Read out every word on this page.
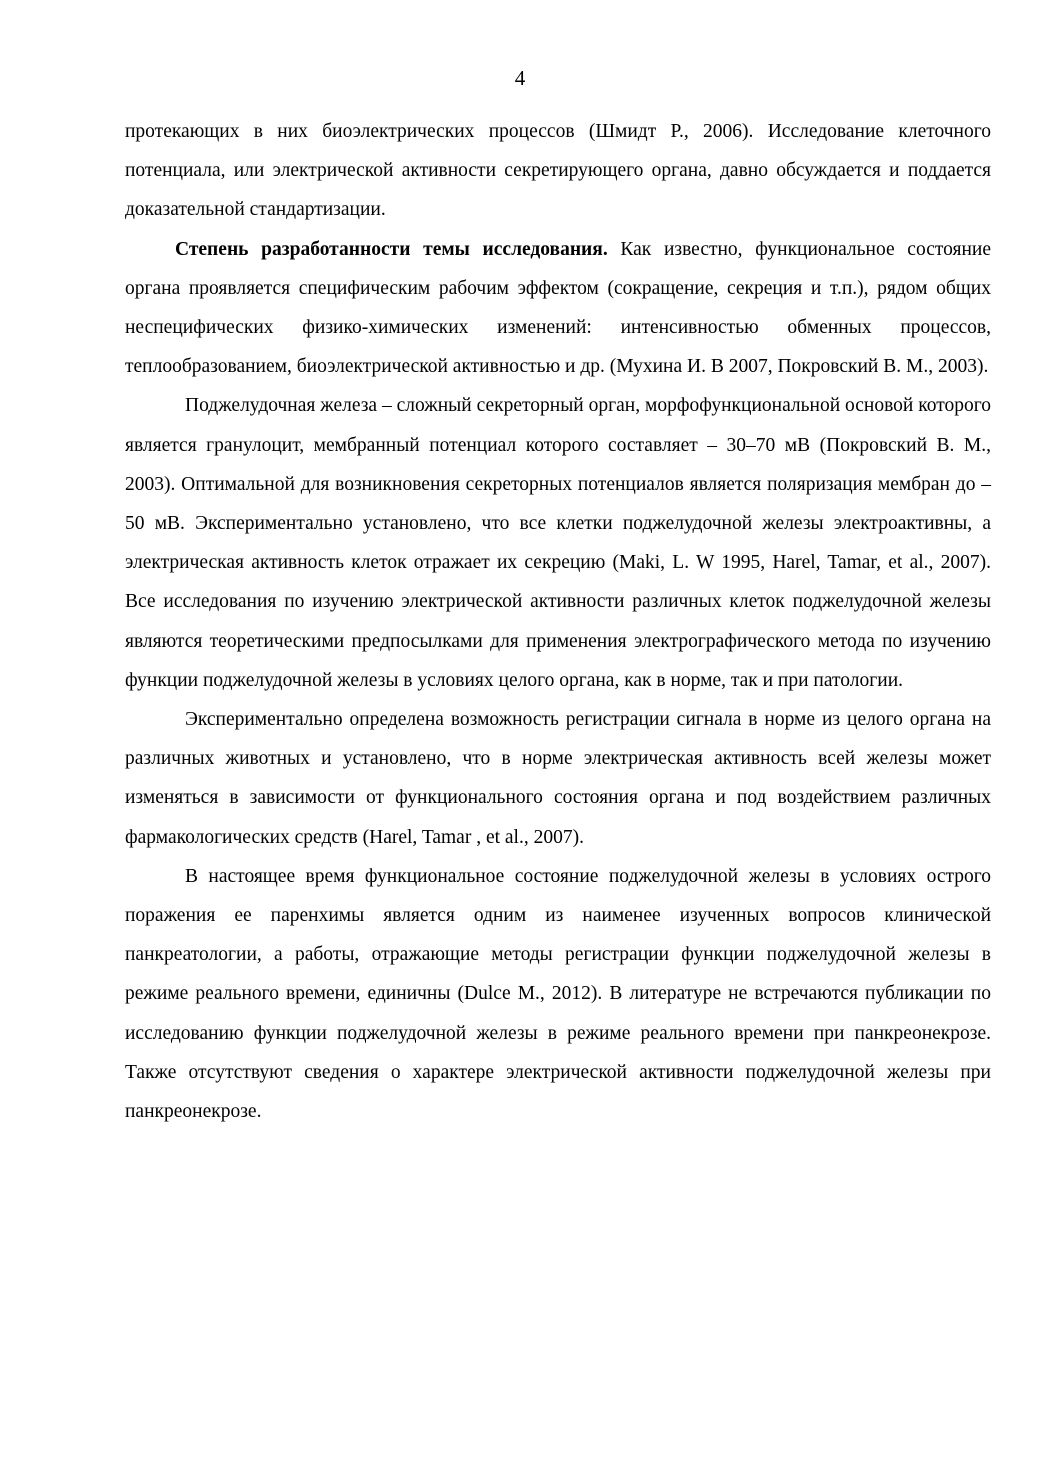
4

протекающих в них биоэлектрических процессов (Шмидт Р., 2006). Исследование клеточного потенциала, или электрической активности секретирующего органа, давно обсуждается и поддается доказательной стандартизации.

Степень разработанности темы исследования. Как известно, функциональное состояние органа проявляется специфическим рабочим эффектом (сокращение, секреция и т.п.), рядом общих неспецифических физико-химических изменений: интенсивностью обменных процессов, теплообразованием, биоэлектрической активностью и др. (Мухина И. В 2007, Покровский В. М., 2003).

Поджелудочная железа – сложный секреторный орган, морфофункциональной основой которого является гранулоцит, мембранный потенциал которого составляет – 30–70 мВ (Покровский В. М., 2003). Оптимальной для возникновения секреторных потенциалов является поляризация мембран до –50 мВ. Экспериментально установлено, что все клетки поджелудочной железы электроактивны, а электрическая активность клеток отражает их секрецию (Maki, L. W 1995, Harel, Tamar, et al., 2007). Все исследования по изучению электрической активности различных клеток поджелудочной железы являются теоретическими предпосылками для применения электрографического метода по изучению функции поджелудочной железы в условиях целого органа, как в норме, так и при патологии.

Экспериментально определена возможность регистрации сигнала в норме из целого органа на различных животных и установлено, что в норме электрическая активность всей железы может изменяться в зависимости от функционального состояния органа и под воздействием различных фармакологических средств (Harel, Tamar , et al., 2007).

В настоящее время функциональное состояние поджелудочной железы в условиях острого поражения ее паренхимы является одним из наименее изученных вопросов клинической панкреатологии, а работы, отражающие методы регистрации функции поджелудочной железы в режиме реального времени, единичны (Dulce M., 2012). В литературе не встречаются публикации по исследованию функции поджелудочной железы в режиме реального времени при панкреонекрозе. Также отсутствуют сведения о характере электрической активности поджелудочной железы при панкреонекрозе.
